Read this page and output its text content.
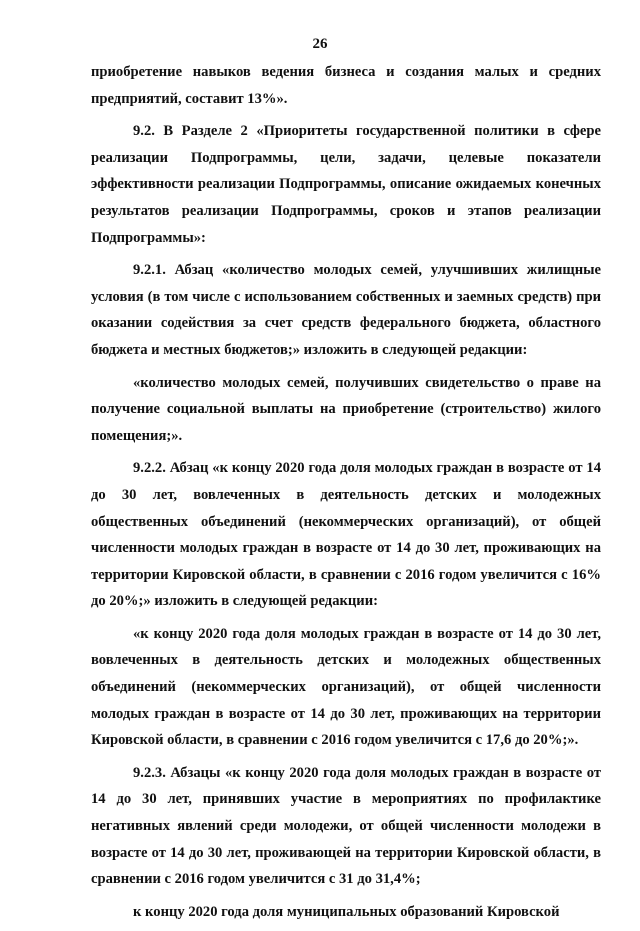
26

приобретение навыков ведения бизнеса и создания малых и средних предприятий, составит 13%».

9.2. В Разделе 2 «Приоритеты государственной политики в сфере реализации Подпрограммы, цели, задачи, целевые показатели эффективности реализации Подпрограммы, описание ожидаемых конечных результатов реализации Подпрограммы, сроков и этапов реализации Подпрограммы»:

9.2.1. Абзац «количество молодых семей, улучшивших жилищные условия (в том числе с использованием собственных и заемных средств) при оказании содействия за счет средств федерального бюджета, областного бюджета и местных бюджетов;» изложить в следующей редакции:

«количество молодых семей, получивших свидетельство о праве на получение социальной выплаты на приобретение (строительство) жилого помещения;».

9.2.2. Абзац «к концу 2020 года доля молодых граждан в возрасте от 14 до 30 лет, вовлеченных в деятельность детских и молодежных общественных объединений (некоммерческих организаций), от общей численности молодых граждан в возрасте от 14 до 30 лет, проживающих на территории Кировской области, в сравнении с 2016 годом увеличится с 16% до 20%;» изложить в следующей редакции:

«к концу 2020 года доля молодых граждан в возрасте от 14 до 30 лет, вовлеченных в деятельность детских и молодежных общественных объединений (некоммерческих организаций), от общей численности молодых граждан в возрасте от 14 до 30 лет, проживающих на территории Кировской области, в сравнении с 2016 годом увеличится с 17,6 до 20%;».

9.2.3. Абзацы «к концу 2020 года доля молодых граждан в возрасте от 14 до 30 лет, принявших участие в мероприятиях по профилактике негативных явлений среди молодежи, от общей численности молодежи в возрасте от 14 до 30 лет, проживающей на территории Кировской области, в сравнении с 2016 годом увеличится с 31 до 31,4%;

к концу 2020 года доля муниципальных образований Кировской
